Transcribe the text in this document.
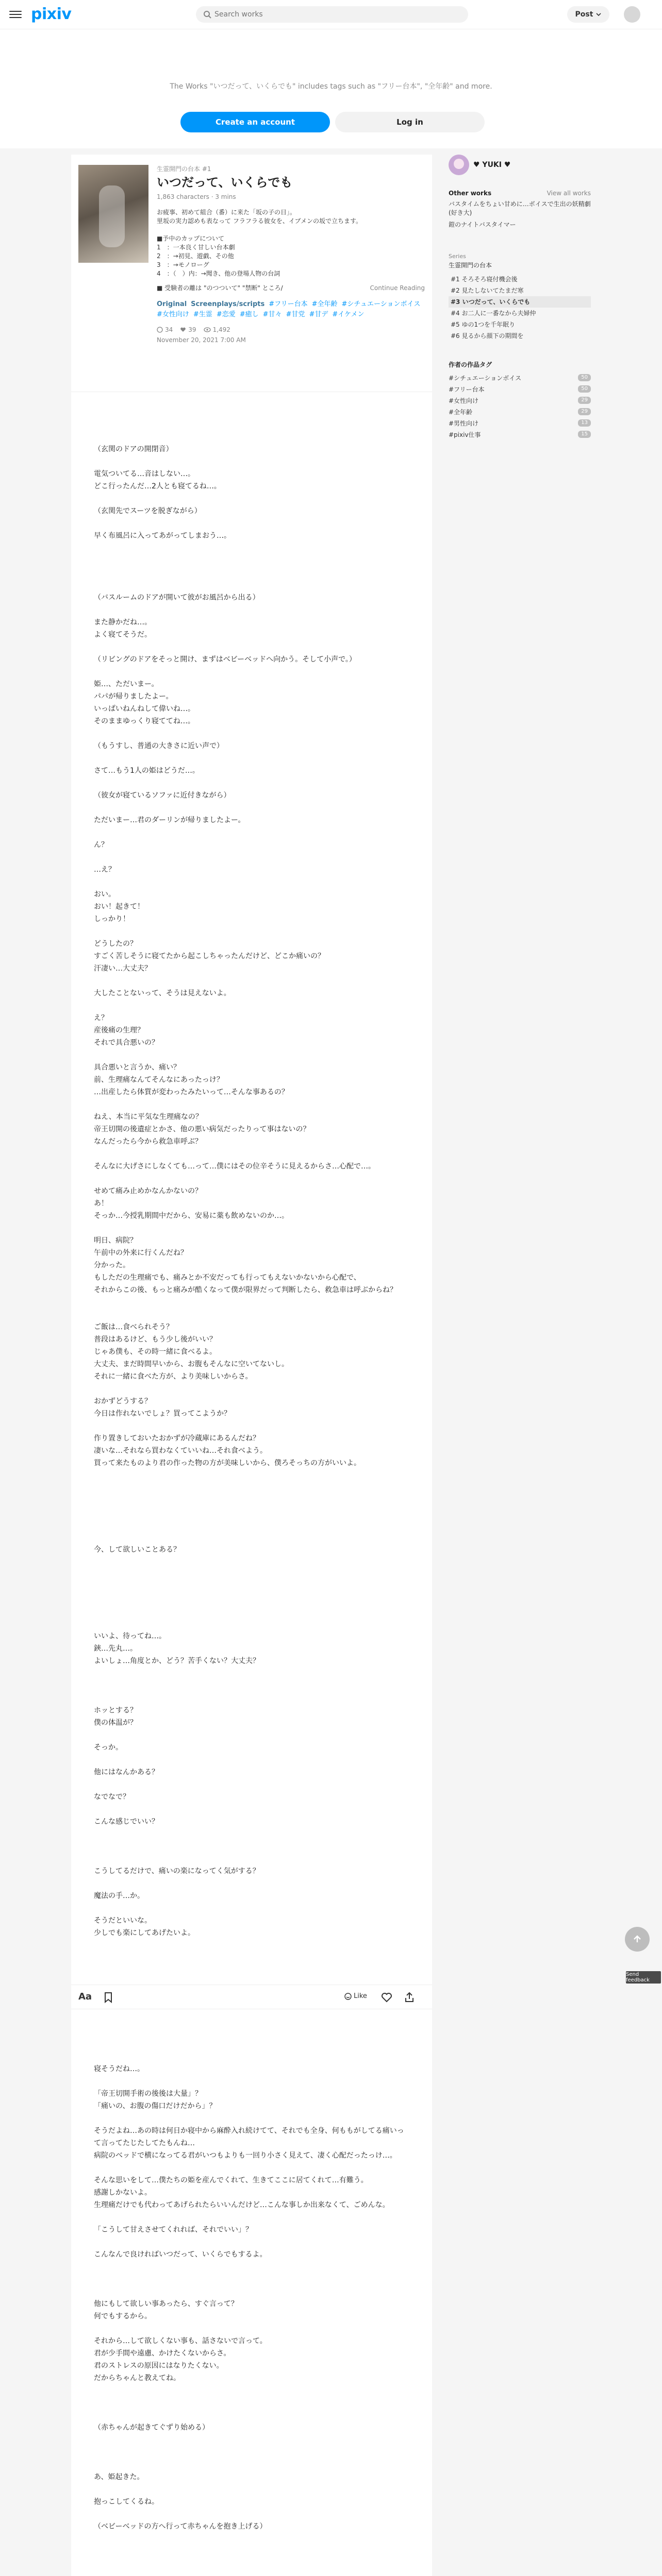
pixiv
Search works	Post
The Works "いつだって、いくらでも" includes tags such as "フリー台本", "全年齢" and more.
Create an account	Log in
生霊開門の台本 #1
いつだって、いくらでも
1,863 characters · 3 mins

お疲事、初めて組合（番）に来た「坂の子の日」。

里坂の実力認めも表なって フラフラる彼女を、イブメンの坂で立ちます。

■予中のカップについて

1　：一本良く甘しい台本劇

2　：→初見、遊戯、その他

3　：→モノローグ

4　：（　）内：→聞き、他の登場人物の台詞

■ 受験者の離は "のつついて" "禁断" ところ/	Continue Reading
Original Screenplays/scripts #フリー台本 #全年齢 #シチュエーションボイス#女性向け #生霊 #恋愛 #癒し #甘々 #甘党 #甘デ #イケメン
34	39	1,492
November 20, 2021 7:00 AM

（玄関のドアの開閉音）

電気ついてる…音はしない…。

どこ行ったんだ…2人とも寝てるね…。

（玄関先でスーツを脱ぎながら）

早く布風呂に入ってあがってしまおう…。

（バスルームのドアが開いて彼がお風呂から出る）

また静かだね…。

よく寝てそうだ。

（リビングのドアをそっと開け、まずはベビーベッドへ向かう。そして小声で。）

姫…、ただいまー。

パパが帰りましたよー。

いっぱいねんねして偉いね…。

そのままゆっくり寝ててね…。

（もうすし、普通の大きさに近い声で）

さて…もう1人の姫はどうだ…。

（彼女が寝ているソファに近付きながら）

ただいまー…君のダーリンが帰りましたよー。

ん？

…え？

おい。

おい！起きて！

しっかり！

どうしたの？

すごく苦しそうに寝てたから起こしちゃったんだけど、どこか痛いの？

汗凄い…大丈夫？

大したことないって、そうは見えないよ。

え？

産後痛の生理？

それで具合悪いの？

具合悪いと言うか、痛い？

前、生理痛なんてそんなにあったっけ？

…出産したら体質が変わったみたいって…そんな事あるの？

ねえ、本当に平気な生理痛なの？

帝王切開の後遺症とかさ、他の悪い病気だったりって事はないの？

なんだったら今から救急車呼ぶ？

そんなに大げさにしなくても…って…僕にはその位辛そうに見えるからさ…心配で…。

せめて痛み止めかなんかないの？

あ！

そっか…今授乳期間中だから、安易に薬も飲めないのか…。

明日、病院？

午前中の外来に行くんだね？

分かった。

もしただの生理痛でも、痛みとか不安だっても行ってもえないかないから心配で、

それからこの後、もっと痛みが酷くなって僕が限界だって判断したら、救急車は呼ぶからね？

ご飯は…食べられそう？

普段はあるけど、もう少し後がいい？

じゃあ僕も、その時一緒に食べるよ。

大丈夫、まだ時間早いから、お腹もそんなに空いてないし。

それに一緒に食べた方が、より美味しいからさ。

おかずどうする？

今日は作れないでしょ？買ってこようか？

作り置きしておいたおかずが冷蔵庫にあるんだね？

凄いな…それなら買わなくていいね…それ食べよう。

買って来たものより君の作った物の方が美味しいから、僕ろそっちの方がいいよ。

今、して欲しいことある？

いいよ、待ってね…。

鋏…先丸…。

よいしょ…角度とか、どう？苦手くない？大丈夫？

ホッとする？

僕の体温が？

そっか。

他にはなんかある？

なでなで？

こんな感じでいい？

こうしてるだけで、痛いの楽になってく気がする？

魔法の手…か。

そうだといいな。

少しでも楽にしてあげたいよ。

寝そうだね…。

「帝王切開手術の後後は大量」？

「痛いの、お腹の傷口だけだから」？

そうだよね…あの時は何日か寝中から麻酔入れ続けてて、それでも全身、何ももがしてる痛いって言ってたじたしてたもんね…

病院のベッドで横になってる君がいつもよりも一回り小さく見えて、凄く心配だったっけ…。

そんな思いをして…僕たちの姫を産んでくれて、生きてここに居てくれて…有難う。

感謝しかないよ。

生理痛だけでも代わってあげられたらいいんだけど…こんな事しか出来なくて、ごめんな。

「こうして甘えさせてくれれば、それでいい」？

こんなんで良ければいつだって、いくらでもするよ。

他にもして欲しい事あったら、すぐ言って？

何でもするから。

それから…して欲しくない事も、話さないで言って。

君が少手間や遠慮、かけたくないからさ。

君のストレスの原因にはなりたくない。

だからちゃんと教えてね。

（赤ちゃんが起きてぐずり始める）

あ、姫起きた。

抱っこしてくるね。

（ベビーベッドの方へ行って赤ちゃんを抱き上げる）

Aa	Like
♥ YUKI ♥
Other works	View all works
バスタイムをちょい甘めに…ボイスで生出の妖精劇(好き大)
鎧のナイトバスタイマー
Series
生霊開門の台本
#1 そろそろ寝付機会後
#2 見たしないてたまだ寒
#3 いつだって、いくらでも
#4 お二人に一番なから夫婦仲
#5 ゆの1つを千年眠り
#6 見るから顔下の期間を
作者の作品タグ
#シチュエーションボイス	50
#フリー台本	50
#女性向け	29
#全年齢	29
#男性向け	13
#pixiv仕事	15
Send feedback
